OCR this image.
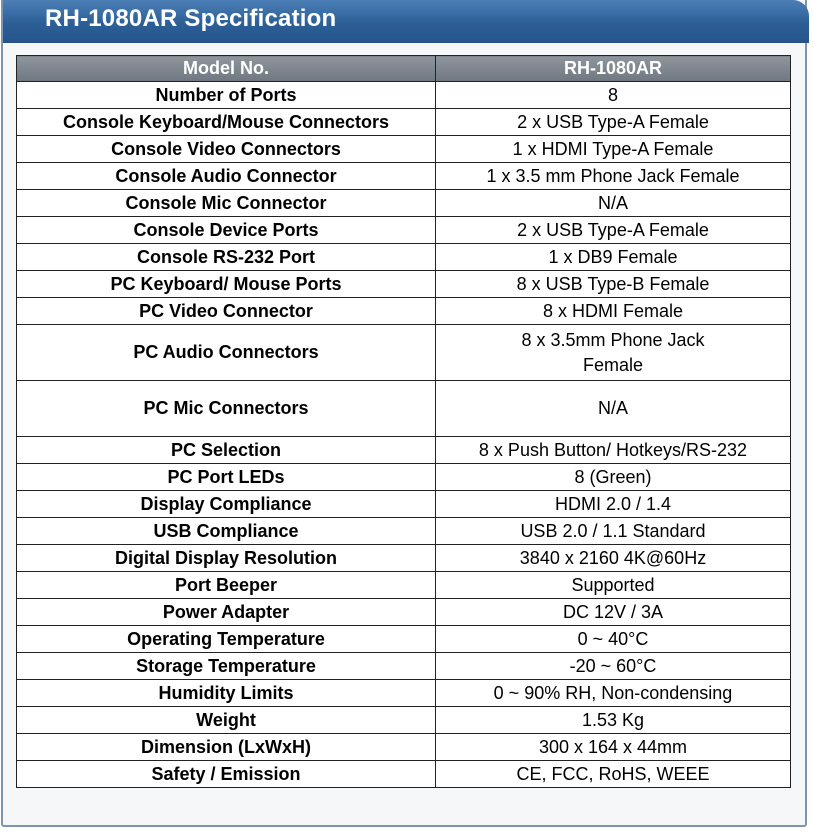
RH-1080AR Specification
Model No.	RH-1080AR
Number of Ports	8
Console Keyboard/Mouse Connectors	2 x USB Type-A Female
Console Video Connectors	1 x HDMI Type-A Female
Console Audio Connector	1 x 3.5 mm Phone Jack Female
Console Mic Connector	N/A
Console Device Ports	2 x USB Type-A Female
Console RS-232 Port	1 x DB9 Female
PC Keyboard/ Mouse Ports	8 x USB Type-B Female
PC Video Connector	8 x HDMI Female
PC Audio Connectors	8 x 3.5mm Phone Jack Female
PC Mic Connectors	N/A
PC Selection	8 x Push Button/ Hotkeys/RS-232
PC Port LEDs	8 (Green)
Display Compliance	HDMI 2.0 / 1.4
USB Compliance	USB 2.0 / 1.1 Standard
Digital Display Resolution	3840 x 2160 4K@60Hz
Port Beeper	Supported
Power Adapter	DC 12V / 3A
Operating Temperature	0 ~ 40°C
Storage Temperature	-20 ~ 60°C
Humidity Limits	0 ~ 90% RH, Non-condensing
Weight	1.53 Kg
Dimension (LxWxH)	300 x 164 x 44mm
Safety / Emission	CE, FCC, RoHS, WEEE
